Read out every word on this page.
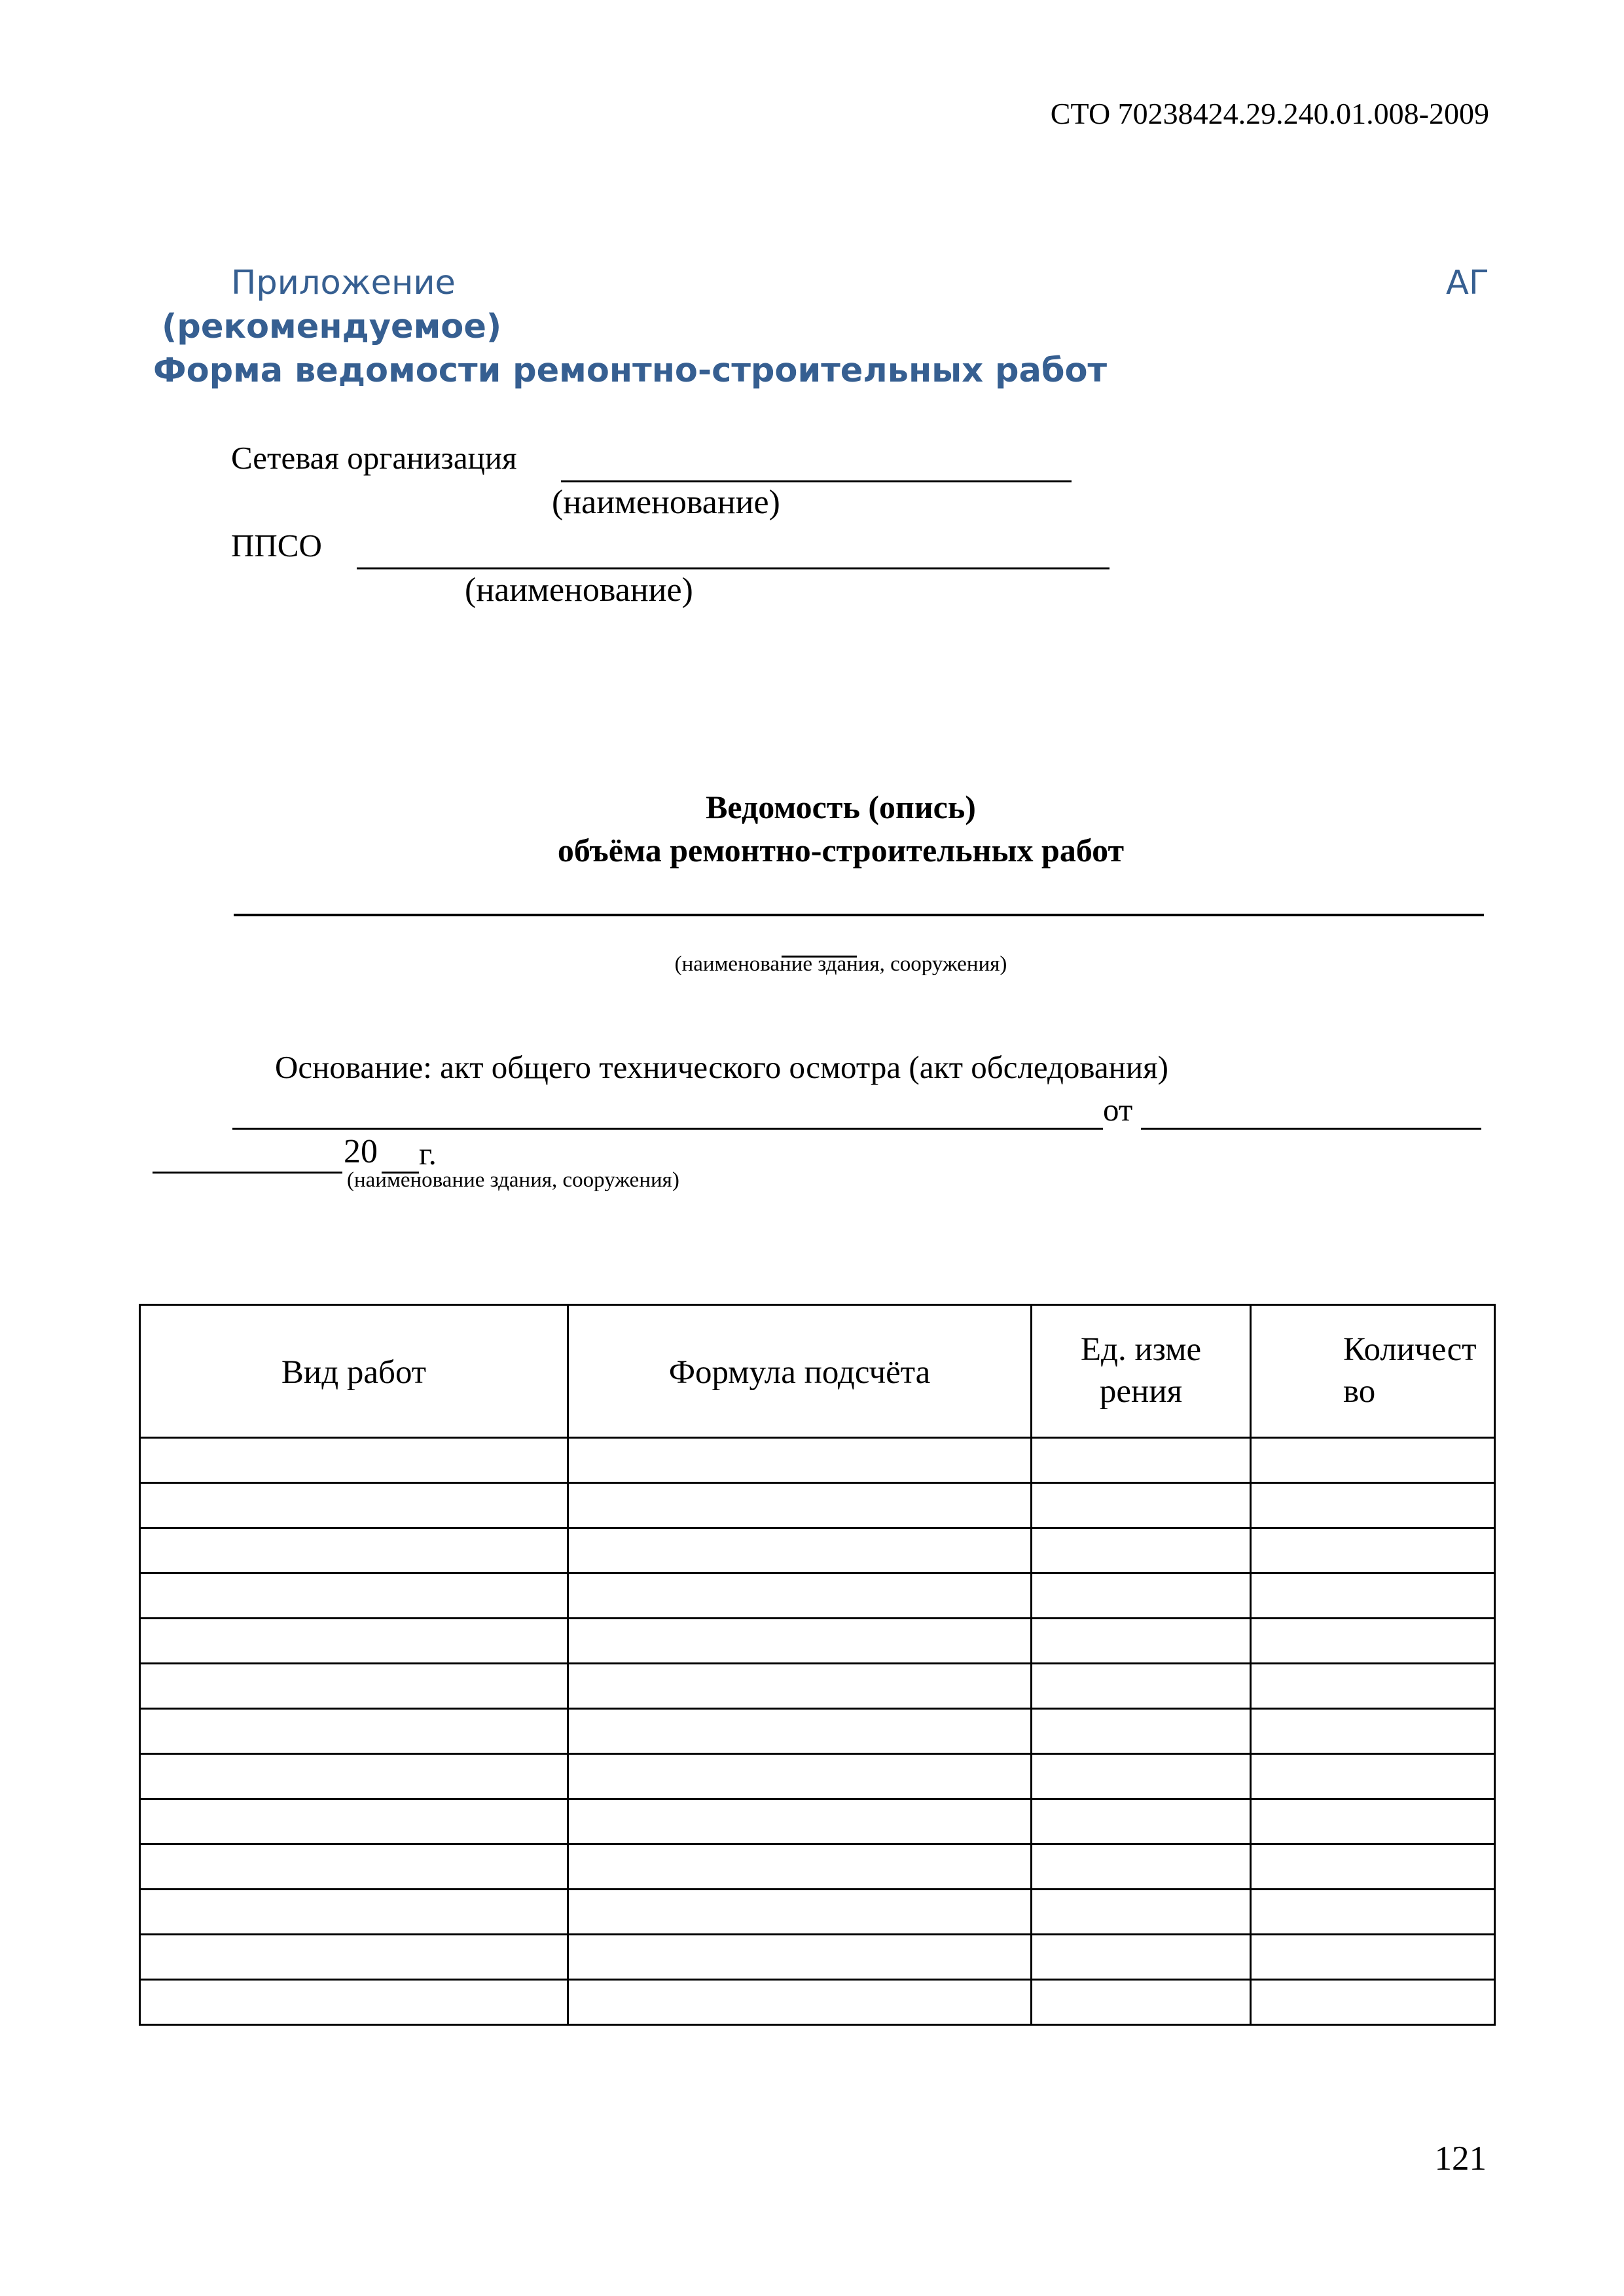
СТО 70238424.29.240.01.008-2009
Приложение	АГ
(рекомендуемое)
Форма ведомости ремонтно-строительных работ
Сетевая организация
(наименование)
ППСО
(наименование)
Ведомость (опись)
объёма ремонтно-строительных работ
(наименование здания, сооружения)
Основание: акт общего технического осмотра (акт обследования)
от
20 г.
(наименование здания, сооружения)
Вид работ	Формула подсчёта	Ед. измерения	Количество

121
